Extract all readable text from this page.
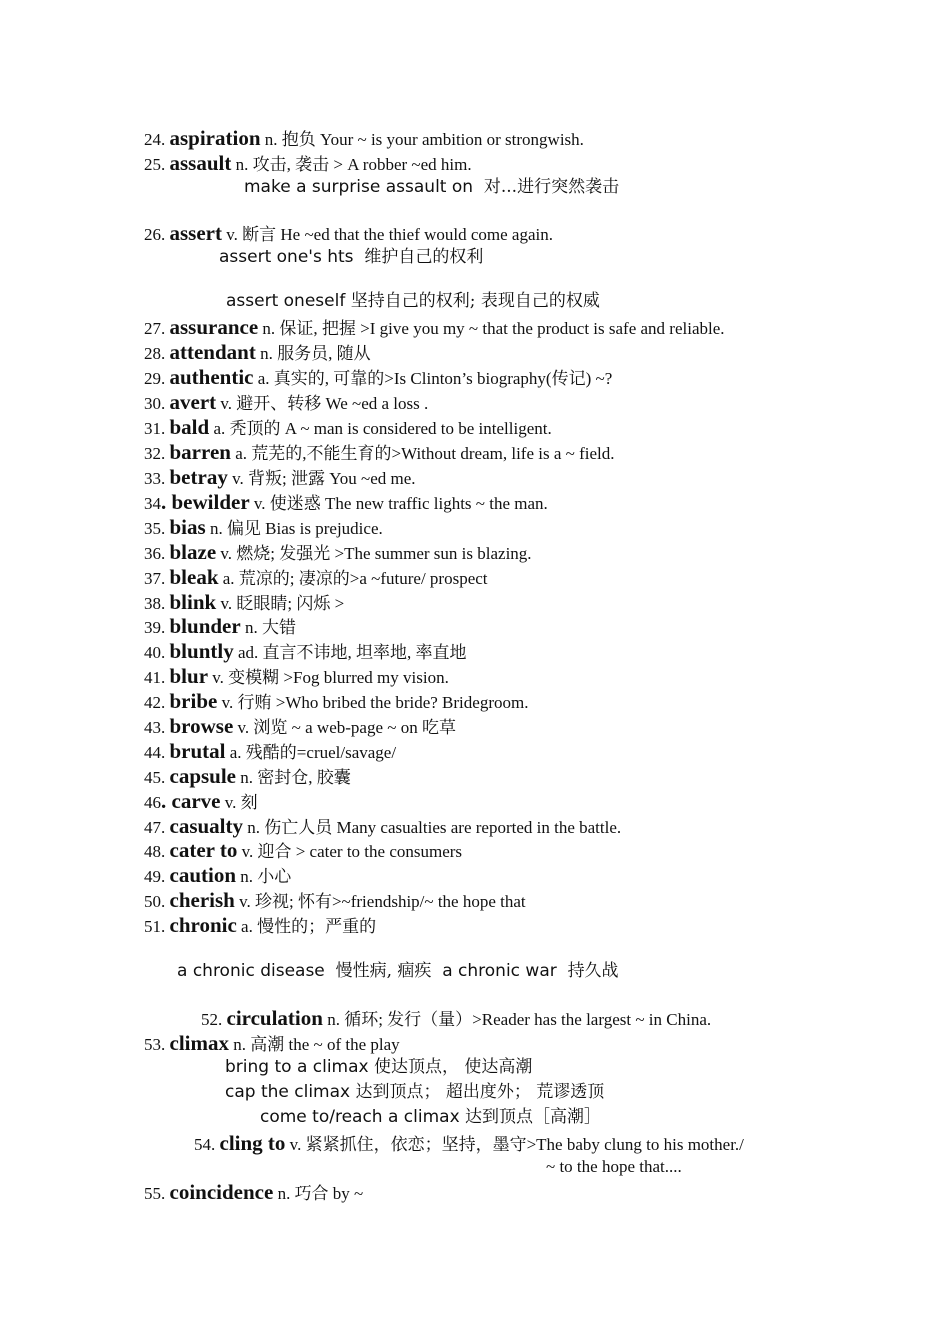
24. aspiration n. 抱负 Your ~ is your ambition or strongwish.
25. assault n. 攻击, 袭击 > A robber ~ed him.
make a surprise assault on 对...进行突然袭击
26. assert v. 断言 He ~ed that the thief would come again.
assert one's hts 维护自己的权利
assert oneself 坚持自己的权利; 表现自己的权威
27. assurance n. 保证, 把握 >I give you my ~ that the product is safe and reliable.
28. attendant n. 服务员, 随从
29. authentic a. 真实的, 可靠的>Is Clinton’s biography(传记) ~?
30. avert v. 避开、转移 We ~ed a loss .
31. bald a. 秃顶的 A ~ man is considered to be intelligent.
32. barren a. 荒芜的,不能生育的>Without dream, life is a ~ field.
33. betray v. 背叛; 泄露 You ~ed me.
34. bewilder v. 使迷惑 The new traffic lights ~ the man.
35. bias n. 偏见 Bias is prejudice.
36. blaze v. 燃烧; 发强光 >The summer sun is blazing.
37. bleak a. 荒凉的; 凄凉的>a ~future/ prospect
38. blink v. 眨眼睛; 闪烁 >
39. blunder n. 大错
40. bluntly ad. 直言不讳地, 坦率地, 率直地
41. blur v. 变模糊 >Fog blurred my vision.
42. bribe v. 行贿 >Who bribed the bride? Bridegroom.
43. browse v. 浏览 ~ a web-page ~ on 吃草
44. brutal a. 残酷的=cruel/savage/
45. capsule n. 密封仓, 胶囊
46. carve v. 刻
47. casualty n. 伤亡人员 Many casualties are reported in the battle.
48. cater to v. 迎合 > cater to the consumers
49. caution n. 小心
50. cherish v. 珍视; 怀有>~friendship/~ the hope that
51. chronic a. 慢性的；严重的
a chronic disease 慢性病, 痼疾 a chronic war 持久战
52. circulation n. 循环; 发行（量）>Reader has the largest ~ in China.
53. climax n. 高潮 the ~ of the play
bring to a climax 使达顶点， 使达高潮
cap the climax 达到顶点； 超出度外； 荒谬透顶
come to/reach a climax 达到顶点［高潮］
54. cling to v. 紧紧抓住，依恋；坚持，墨守>The baby clung to his mother./
~ to the hope that....
55. coincidence n. 巧合 by ~
